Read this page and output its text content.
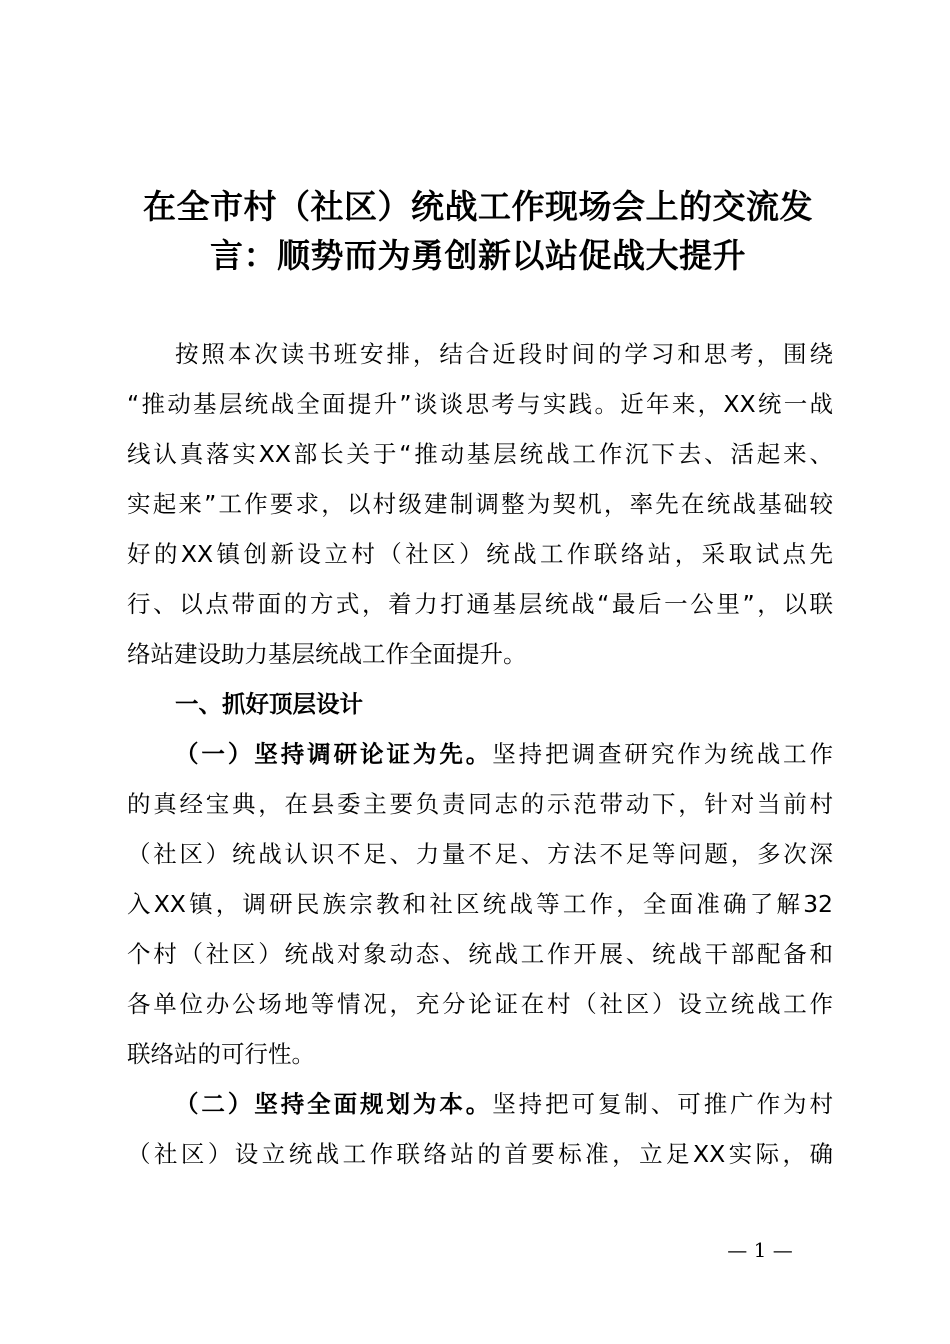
在全市村（社区）统战工作现场会上的交流发
言：顺势而为勇创新以站促战大提升
按照本次读书班安排，结合近段时间的学习和思考，围绕
“推动基层统战全面提升”谈谈思考与实践。近年来，XX统一战
线认真落实XX部长关于“推动基层统战工作沉下去、活起来、
实起来”工作要求，以村级建制调整为契机，率先在统战基础较
好的XX镇创新设立村（社区）统战工作联络站，采取试点先
行、以点带面的方式，着力打通基层统战“最后一公里”，以联
络站建设助力基层统战工作全面提升。
一、抓好顶层设计
（一）坚持调研论证为先。坚持把调查研究作为统战工作
的真经宝典，在县委主要负责同志的示范带动下，针对当前村
（社区）统战认识不足、力量不足、方法不足等问题，多次深
入XX镇，调研民族宗教和社区统战等工作，全面准确了解32
个村（社区）统战对象动态、统战工作开展、统战干部配备和
各单位办公场地等情况，充分论证在村（社区）设立统战工作
联络站的可行性。
（二）坚持全面规划为本。坚持把可复制、可推广作为村
（社区）设立统战工作联络站的首要标准，立足XX实际，确
— 1 —
